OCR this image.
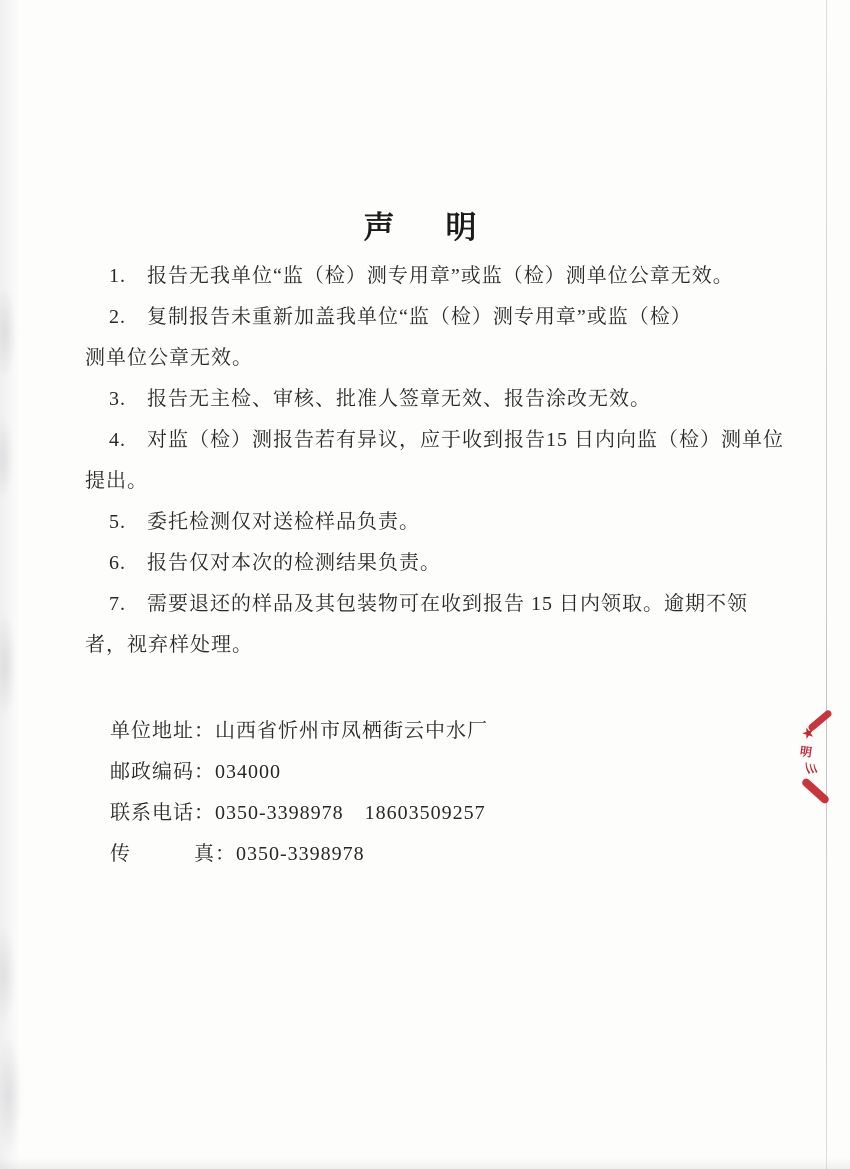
声　明

1.　报告无我单位“监（检）测专用章”或监（检）测单位公章无效。

2.　复制报告未重新加盖我单位“监（检）测专用章”或监（检）

测单位公章无效。

3.　报告无主检、审核、批准人签章无效、报告涂改无效。

4.　对监（检）测报告若有异议，应于收到报告15 日内向监（检）测单位

提出。

5.　委托检测仅对送检样品负责。

6.　报告仅对本次的检测结果负责。

7.　需要退还的样品及其包装物可在收到报告 15 日内领取。逾期不领

者，视弃样处理。

单位地址：山西省忻州市凤栖街云中水厂

邮政编码：034000

联系电话：0350-3398978　18603509257

传　　　真：0350-3398978

★
明
彡
